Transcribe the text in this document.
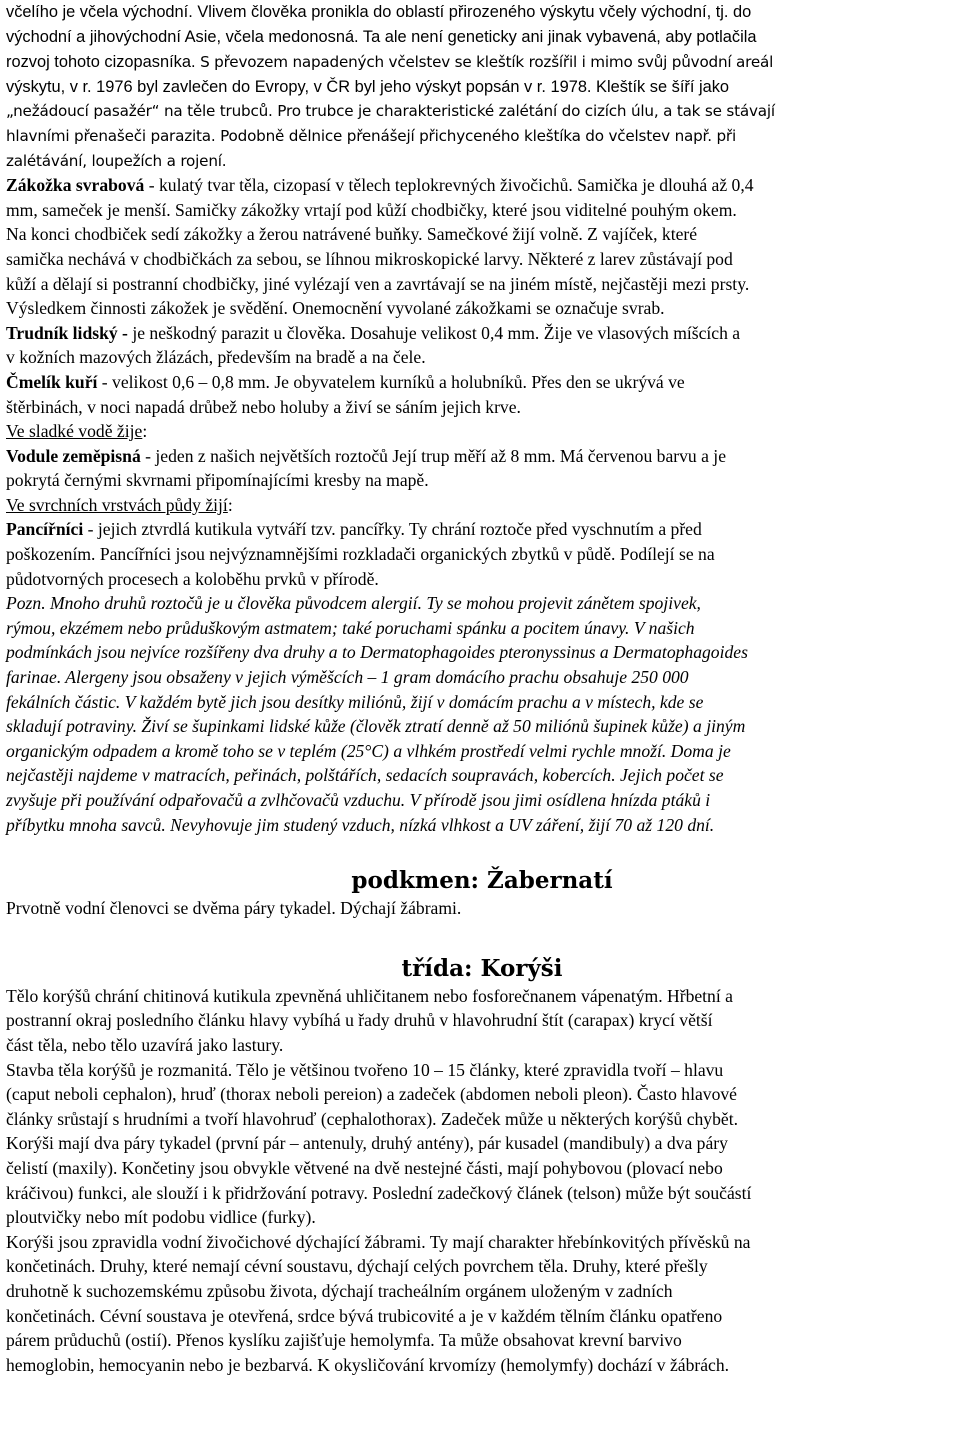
včelího je včela východní. Vlivem člověka pronikla do oblastí přirozeného výskytu včely východní, tj. do

východní a jihovýchodní Asie, včela medonosná. Ta ale není geneticky ani jinak vybavená, aby potlačila

rozvoj tohoto cizopasníka. S převozem napadených včelstev se kleštík rozšířil i mimo svůj původní areál

výskytu, v r. 1976 byl zavlečen do Evropy, v ČR byl jeho výskyt popsán v r. 1978. Kleštík se šíří jako

„nežádoucí pasažér“ na těle trubců. Pro trubce je charakteristické zalétání do cizích úlu, a tak se stávají

hlavními přenašeči parazita. Podobně dělnice přenášejí přichyceného kleštíka do včelstev např. při

zalétávání, loupežích a rojení.

Zákožka svrabová - kulatý tvar těla, cizopasí v tělech teplokrevných živočichů. Samička je dlouhá až 0,4

mm, sameček je menší. Samičky zákožky vrtají pod kůží chodbičky, které jsou viditelné pouhým okem.

Na konci chodbiček sedí zákožky a žerou natrávené buňky. Samečkové žijí volně. Z vajíček, které

samička nechává v chodbičkách za sebou, se líhnou mikroskopické larvy. Některé z larev zůstávají pod

kůží a dělají si postranní chodbičky, jiné vylézají ven a zavrtávají se na jiném místě, nejčastěji mezi prsty.

Výsledkem činnosti zákožek je svědění. Onemocnění vyvolané zákožkami se označuje svrab.

Trudník lidský - je neškodný parazit u člověka. Dosahuje velikost 0,4 mm. Žije ve vlasových míšcích a

v kožních mazových žlázách, především na bradě a na čele.

Čmelík kuří - velikost 0,6 – 0,8 mm. Je obyvatelem kurníků a holubníků. Přes den se ukrývá ve

štěrbinách, v noci napadá drůbež nebo holuby a živí se sáním jejich krve.

Ve sladké vodě žije:

Vodule zeměpisná - jeden z našich největších roztočů Její trup měří až 8 mm. Má červenou barvu a je

pokrytá černými skvrnami připomínajícími kresby na mapě.

Ve svrchních vrstvách půdy žijí:

Pancířníci - jejich ztvrdlá kutikula vytváří tzv. pancířky. Ty chrání roztoče před vyschnutím a před

poškozením. Pancířníci jsou nejvýznamnějšími rozkladači organických zbytků v půdě. Podílejí se na

půdotvorných procesech a koloběhu prvků v přírodě.

Pozn. Mnoho druhů roztočů je u člověka původcem alergií. Ty se mohou projevit zánětem spojivek,

rýmou, ekzémem nebo průduškovým astmatem; také poruchami spánku a pocitem únavy. V našich

podmínkách jsou nejvíce rozšířeny dva druhy a to Dermatophagoides pteronyssinus a Dermatophagoides

farinae. Alergeny jsou obsaženy v jejich výměšcích – 1 gram domácího prachu obsahuje 250 000

fekálních částic. V každém bytě jich jsou desítky miliónů, žijí v domácím prachu a v místech, kde se

skladují potraviny. Živí se šupinkami lidské kůže (člověk ztratí denně až 50 miliónů šupinek kůže) a jiným

organickým odpadem a kromě toho se v teplém (25°C) a vlhkém prostředí velmi rychle množí. Doma je

nejčastěji najdeme v matracích, peřinách, polštářích, sedacích soupravách, kobercích. Jejich počet se

zvyšuje při používání odpařovačů a zvlhčovačů vzduchu. V přírodě jsou jimi osídlena hnízda ptáků i

příbytku mnoha savců. Nevyhovuje jim studený vzduch, nízká vlhkost a UV záření, žijí 70 až 120 dní.

podkmen: Žabernatí

Prvotně vodní členovci se dvěma páry tykadel. Dýchají žábrami.

třída: Korýši

Tělo korýšů chrání chitinová kutikula zpevněná uhličitanem nebo fosforečnanem vápenatým. Hřbetní a

postranní okraj posledního článku hlavy vybíhá u řady druhů v hlavohrudní štít (carapax) krycí větší

část těla, nebo tělo uzavírá jako lastury.

Stavba těla korýšů je rozmanitá. Tělo je většinou tvořeno 10 – 15 články, které zpravidla tvoří – hlavu

(caput neboli cephalon), hruď (thorax neboli pereion) a zadeček (abdomen neboli pleon). Často hlavové

články srůstají s hrudními a tvoří hlavohruď (cephalothorax). Zadeček může u některých korýšů chybět.

Korýši mají dva páry tykadel (první pár – antenuly, druhý antény), pár kusadel (mandibuly) a dva páry

čelistí (maxily). Končetiny jsou obvykle větvené na dvě nestejné části, mají pohybovou (plovací nebo

kráčivou) funkci, ale slouží i k přidržování potravy. Poslední zadečkový článek (telson) může být součástí

ploutvičky nebo mít podobu vidlice (furky).

Korýši jsou zpravidla vodní živočichové dýchající žábrami. Ty mají charakter hřebínkovitých přívěsků na

končetinách. Druhy, které nemají cévní soustavu, dýchají celých povrchem těla. Druhy, které přešly

druhotně k suchozemskému způsobu života, dýchají tracheálním orgánem uloženým v zadních

končetinách. Cévní soustava je otevřená, srdce bývá trubicovité a je v každém tělním článku opatřeno

párem průduchů (ostií). Přenos kyslíku zajišťuje hemolymfa. Ta může obsahovat krevní barvivo

hemoglobin, hemocyanin nebo je bezbarvá. K okysličování krvomízy (hemolymfy) dochází v žábrách.
